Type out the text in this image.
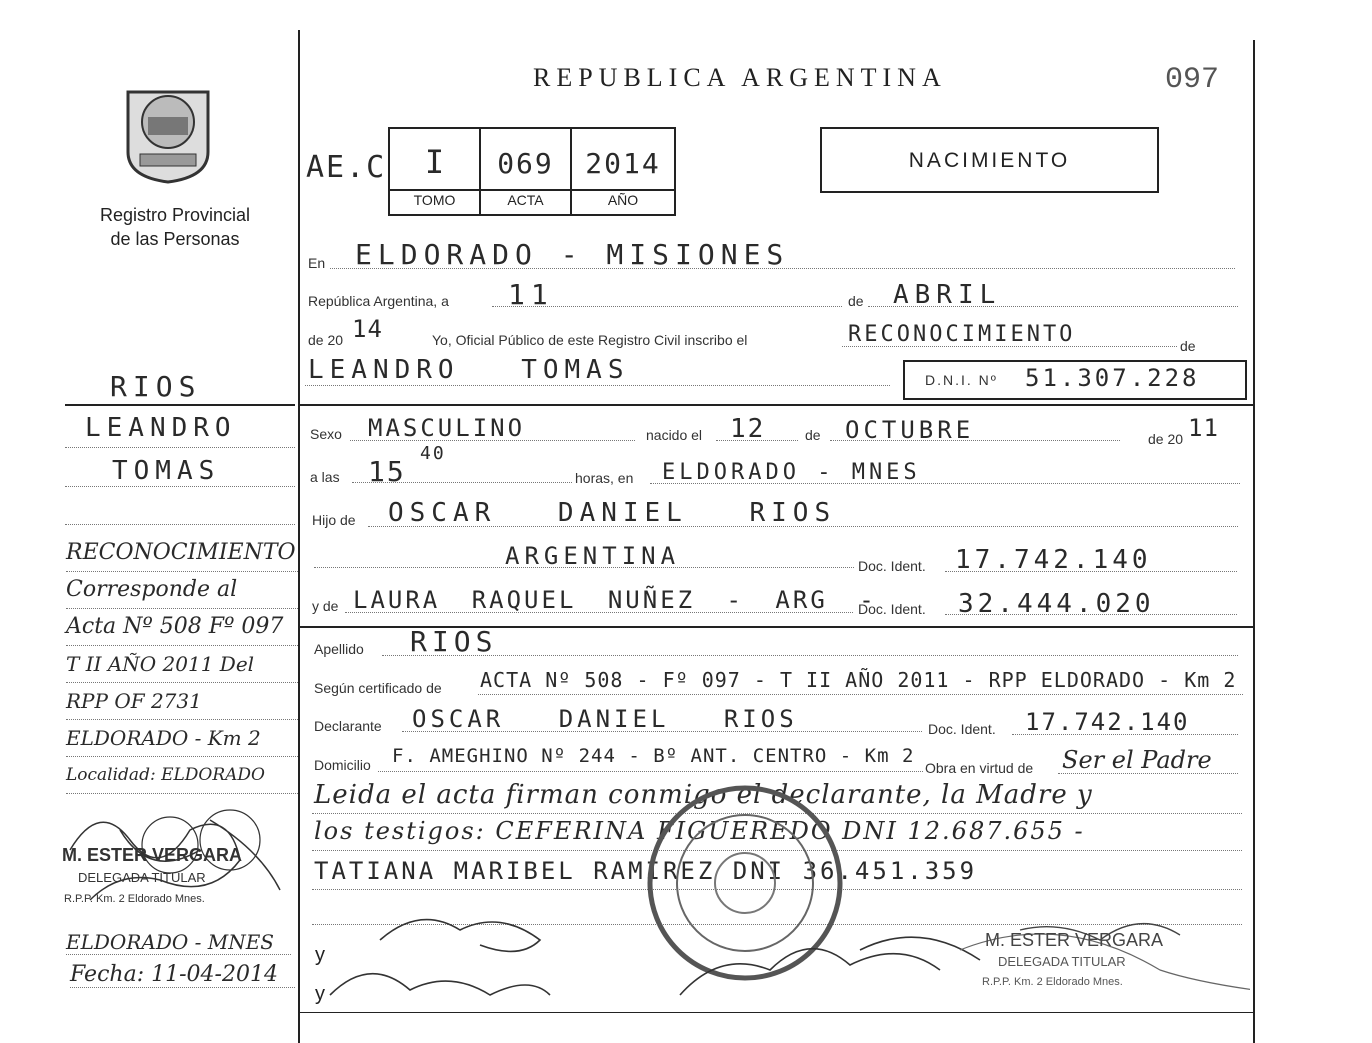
Registro Provincial
de las Personas
RIOS
LEANDRO
TOMAS
RECONOCIMIENTO
Corresponde al
Acta Nº 508 Fº 097
T II AÑO 2011 Del
RPP OF 2731
ELDORADO - Km 2
Localidad: ELDORADO
M. ESTER VERGARA
DELEGADA TITULAR
R.P.P. Km. 2 Eldorado Mnes.
ELDORADO - MNES
Fecha: 11-04-2014
REPUBLICA ARGENTINA	097
AE.C	I	069	2014
TOMO	ACTA	AÑO
NACIMIENTO
En ELDORADO - MISIONES
República Argentina, a 11	de ABRIL
de 20 14	Yo, Oficial Público de este Registro Civil inscribo el	RECONOCIMIENTO	de
LEANDRO TOMAS	D.N.I. Nº 51.307.228
Sexo MASCULINO	nacido el 12	de OCTUBRE	de 20 11
a las 15
40
horas, en ELDORADO - MNES
Hijo de OSCAR DANIEL RIOS
ARGENTINA	Doc. Ident. 17.742.140
y de LAURA RAQUEL NUÑEZ - ARG -
Doc. Ident. 32.444.020
Apellido RIOS
Según certificado de ACTA Nº 508 - Fº 097 - T II AÑO 2011 - RPP ELDORADO - Km 2
Declarante OSCAR DANIEL RIOS	Doc. Ident. 17.742.140
Domicilio F. AMEGHINO Nº 244 - Bº ANT. CENTRO - Km 2
Obra en virtud de Ser el Padre
Leida el acta firman conmigo el declarante, la Madre y
los testigos: CEFERINA FIGUEREDO DNI 12.687.655 -
TATIANA MARIBEL RAMIREZ DNI 36.451.359
y
y
M. ESTER VERGARA
DELEGADA TITULAR
R.P.P. Km. 2 Eldorado Mnes.
